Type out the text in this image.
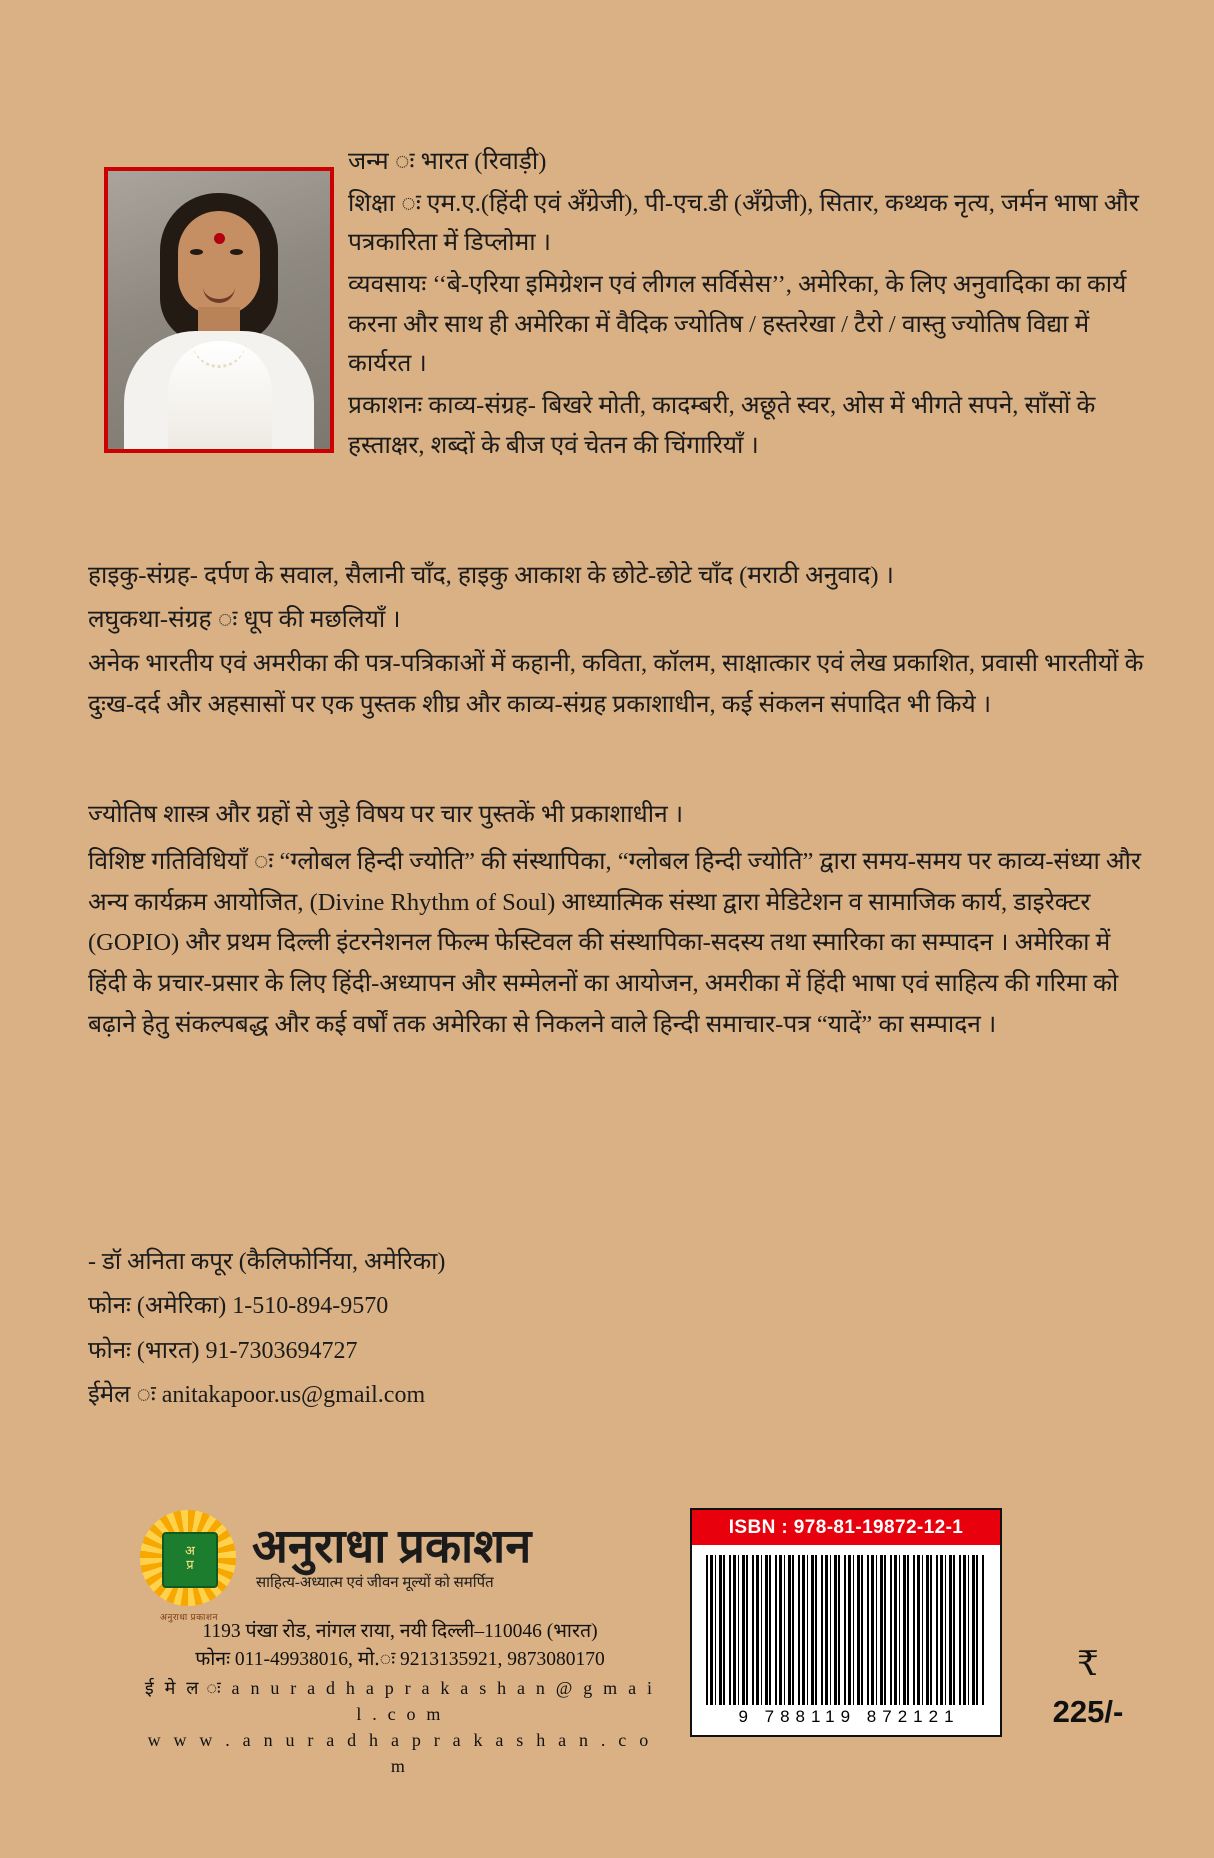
जन्म ः भारत (रिवाड़ी)

शिक्षा ः एम.ए.(हिंदी एवं अँग्रेजी), पी-एच.डी (अँग्रेजी), सितार, कथ्थक नृत्य, जर्मन भाषा और पत्रकारिता में डिप्लोमा ।

व्यवसायः ‘‘बे-एरिया इमिग्रेशन एवं लीगल सर्विसेस’’, अमेरिका, के लिए अनुवादिका का कार्य करना और साथ ही अमेरिका में वैदिक ज्योतिष / हस्तरेखा / टैरो / वास्तु ज्योतिष विद्या में कार्यरत ।

प्रकाशनः काव्य-संग्रह- बिखरे मोती, कादम्बरी, अछूते स्वर, ओस में भीगते सपने, साँसों के हस्ताक्षर, शब्दों के बीज एवं चेतन की चिंगारियाँ ।

हाइकु-संग्रह- दर्पण के सवाल, सैलानी चाँद, हाइकु आकाश के छोटे-छोटे चाँद (मराठी अनुवाद) ।
लघुकथा-संग्रह ः धूप की मछलियाँ ।
अनेक भारतीय एवं अमरीका की पत्र-पत्रिकाओं में कहानी, कविता, कॉलम, साक्षात्कार एवं लेख प्रकाशित, प्रवासी भारतीयों के दुःख-दर्द और अहसासों पर एक पुस्तक शीघ्र और काव्य-संग्रह प्रकाशाधीन, कई संकलन संपादित भी किये ।
ज्योतिष शास्त्र और ग्रहों से जुड़े विषय पर चार पुस्तकें भी प्रकाशाधीन ।
विशिष्ट गतिविधियाँ ः “ग्लोबल हिन्दी ज्योति” की संस्थापिका, “ग्लोबल हिन्दी ज्योति” द्वारा समय-समय पर काव्य-संध्या और अन्य कार्यक्रम आयोजित, (Divine Rhythm of Soul) आध्यात्मिक संस्था द्वारा मेडिटेशन व सामाजिक कार्य, डाइरेक्टर (GOPIO) और प्रथम दिल्ली इंटरनेशनल फिल्म फेस्टिवल की संस्थापिका-सदस्य तथा स्मारिका का सम्पादन । अमेरिका में हिंदी के प्रचार-प्रसार के लिए हिंदी-अध्यापन और सम्मेलनों का आयोजन, अमरीका में हिंदी भाषा एवं साहित्य की गरिमा को बढ़ाने हेतु संकल्पबद्ध और कई वर्षों तक अमेरिका से निकलने वाले हिन्दी समाचार-पत्र “यादें” का सम्पादन ।
- डॉ अनिता कपूर (कैलिफोर्निया, अमेरिका)
फोनः (अमेरिका) 1-510-894-9570
फोनः (भारत) 91-7303694727
ईमेल ः anitakapoor.us@gmail.com
अ
प्र
अनुराधा प्रकाशन
अनुराधा प्रकाशन
साहित्य-अध्यात्म एवं जीवन मूल्यों को समर्पित
1193 पंखा रोड, नांगल राया, नयी दिल्ली–110046 (भारत)
फोनः 011-49938016, मो.ः 9213135921, 9873080170
ई मे ल ः a n u r a d h a p r a k a s h a n @ g m a i l . c o m
w w w . a n u r a d h a p r a k a s h a n . c o m
ISBN : 978-81-19872-12-1
9 788119 872121
₹
225/-
